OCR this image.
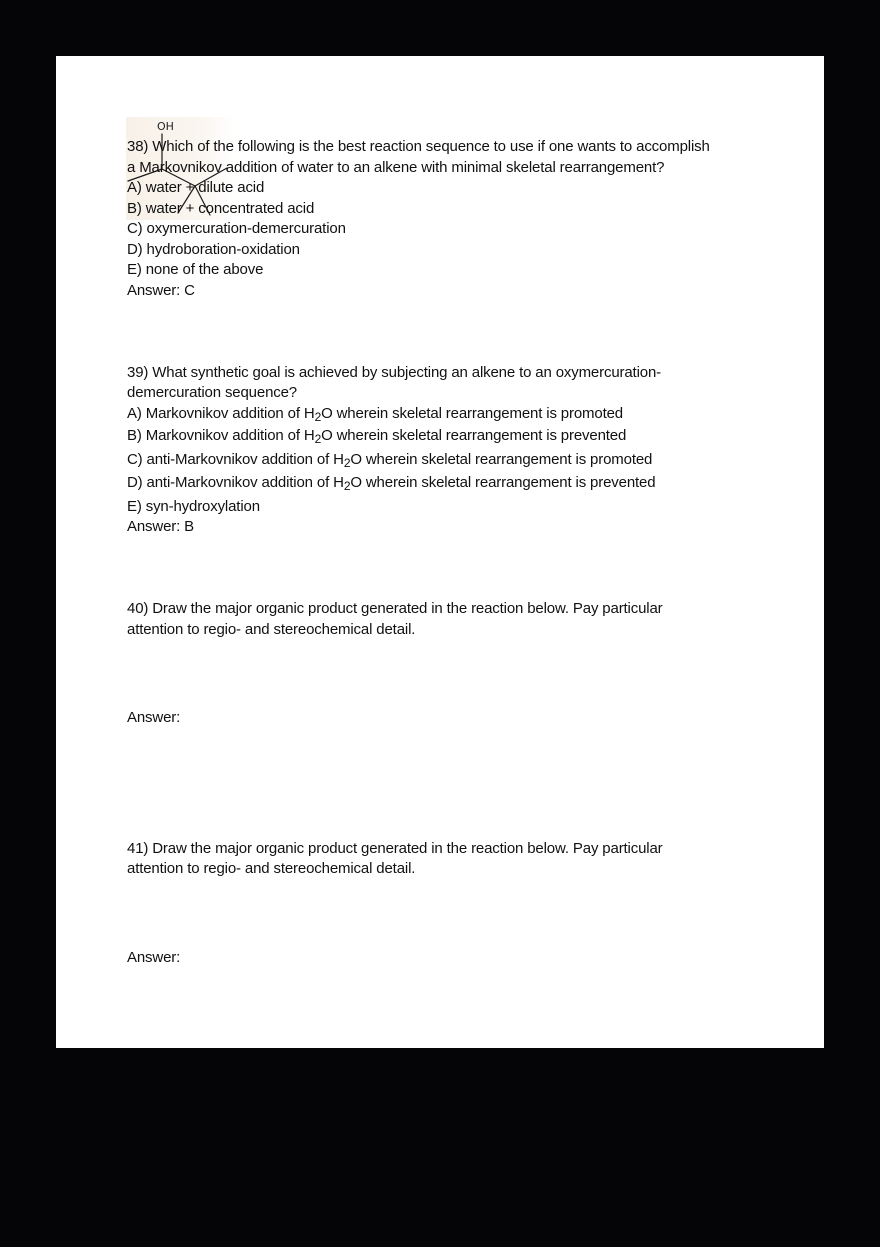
OH
38) Which of the following is the best reaction sequence to use if one wants to accomplish
a Markovnikov addition of water to an alkene with minimal skeletal rearrangement?
A) water + dilute acid
B) water + concentrated acid
C) oxymercuration-demercuration
D) hydroboration-oxidation
E) none of the above
Answer: C
39) What synthetic goal is achieved by subjecting an alkene to an oxymercuration-
demercuration sequence?
A) Markovnikov addition of $H_2O$ wherein skeletal rearrangement is promoted
B) Markovnikov addition of $H_2O$ wherein skeletal rearrangement is prevented
C) anti-Markovnikov addition of $H_2O$ wherein skeletal rearrangement is promoted
D) anti-Markovnikov addition of $H_2O$ wherein skeletal rearrangement is prevented
E) syn-hydroxylation
Answer: B
40) Draw the major organic product generated in the reaction below. Pay particular
attention to regio- and stereochemical detail.
Answer:
41) Draw the major organic product generated in the reaction below. Pay particular
attention to regio- and stereochemical detail.
Answer:
